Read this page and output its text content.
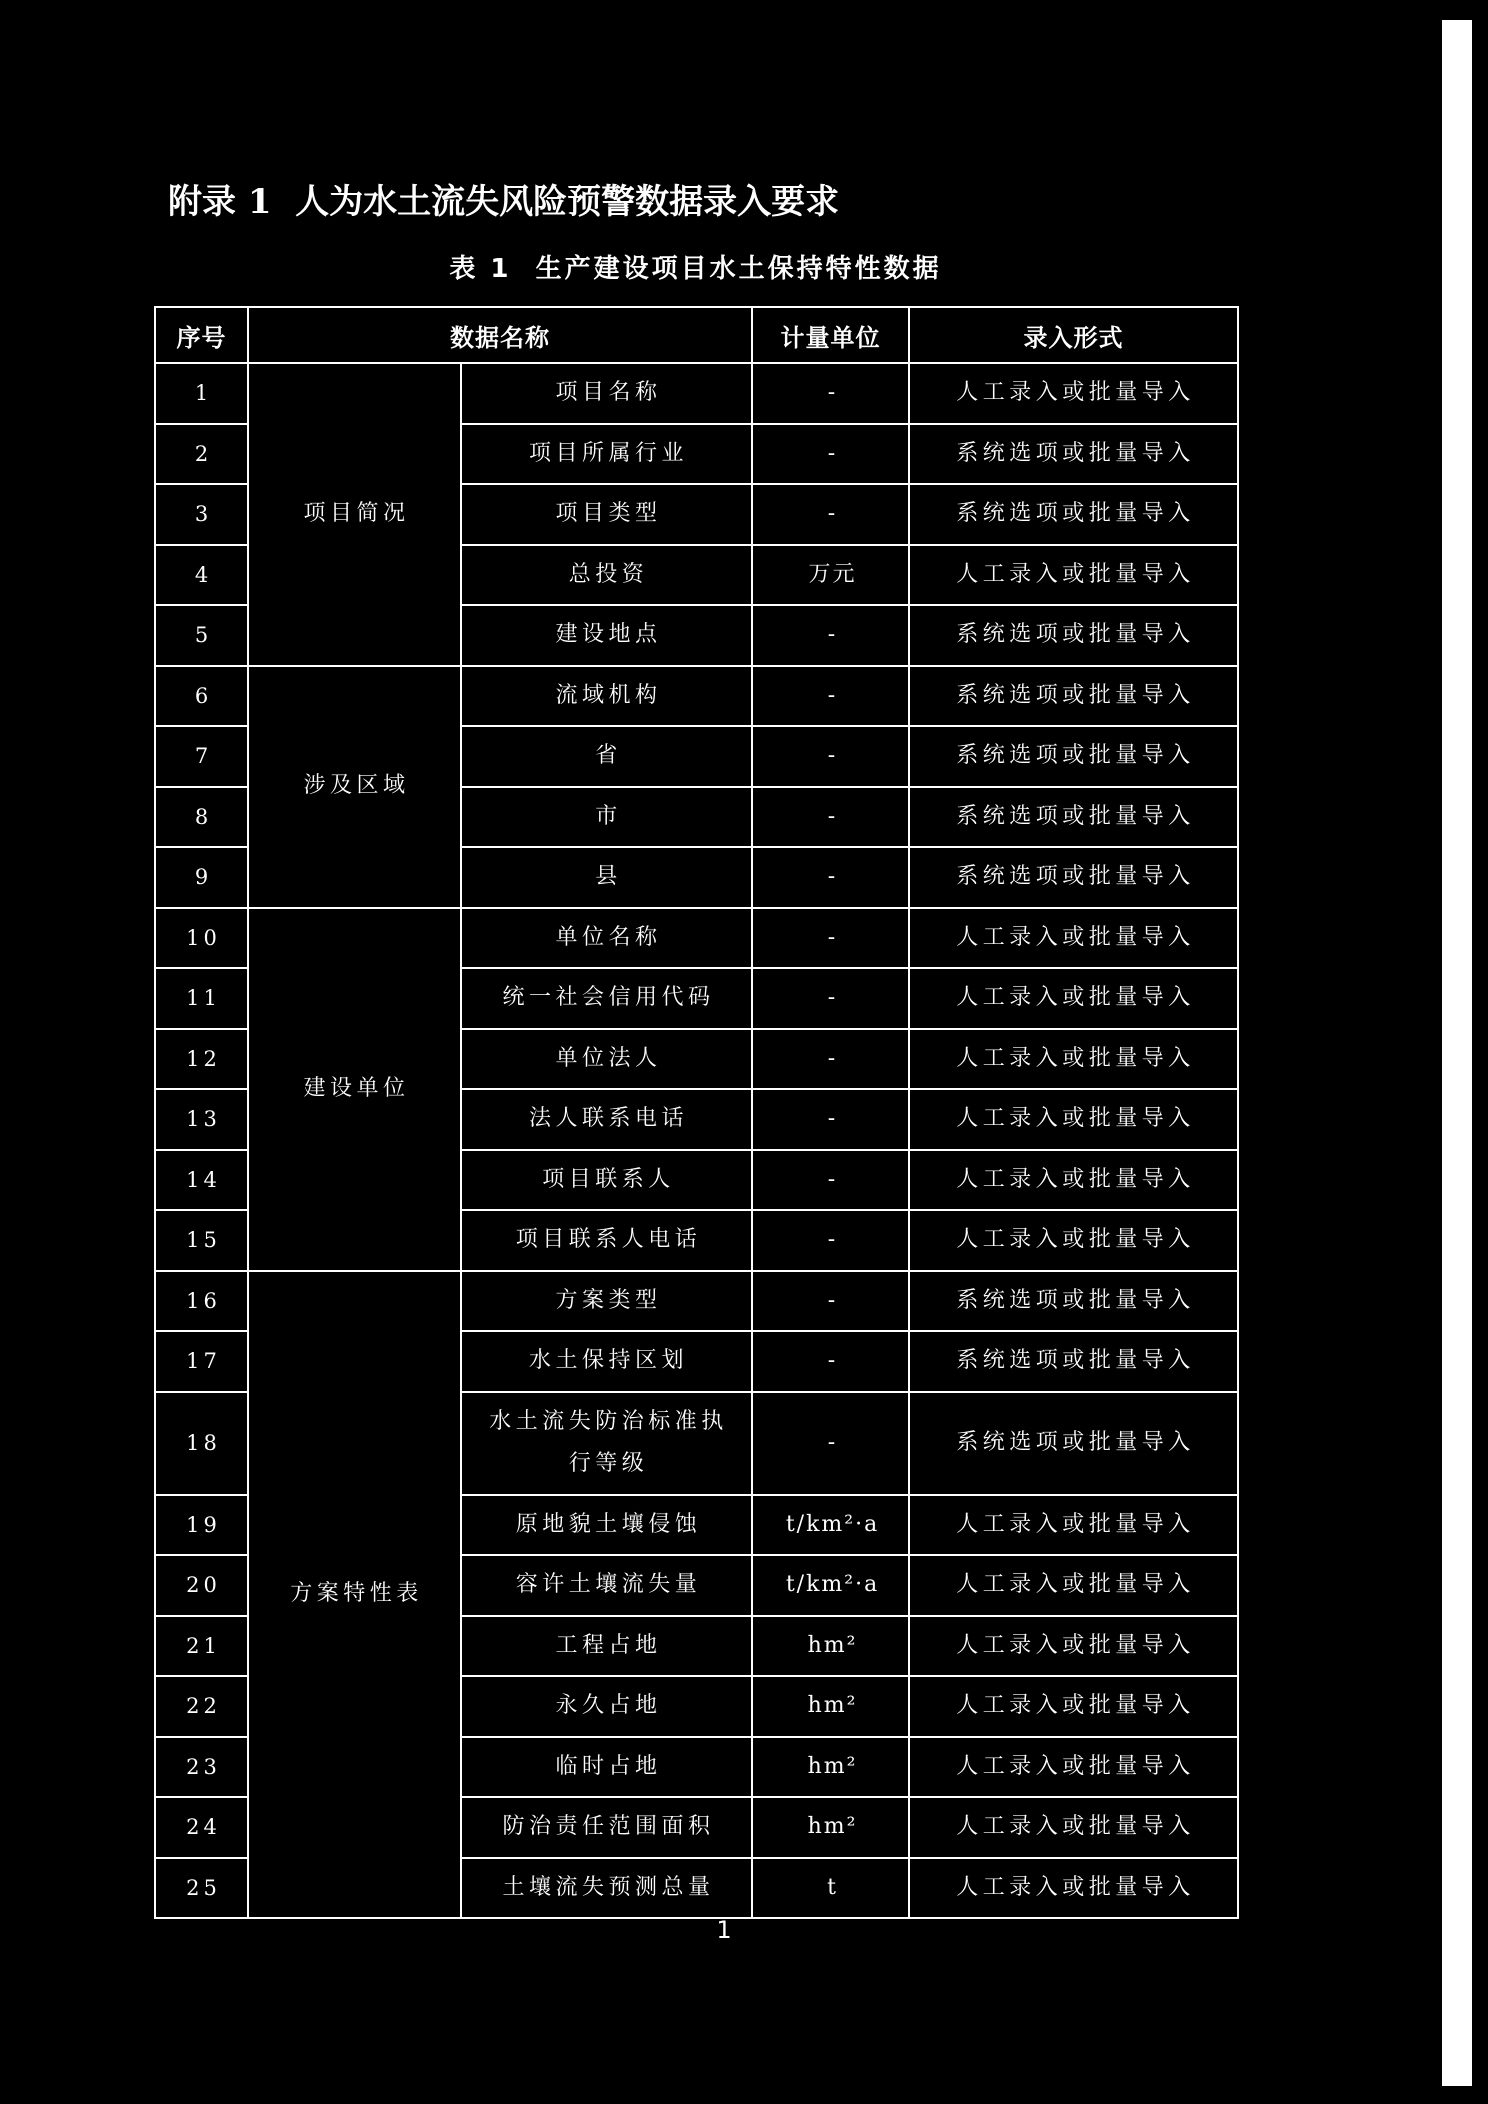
附录 1  人为水土流失风险预警数据录入要求
表 1  生产建设项目水土保持特性数据
序号	数据名称		计量单位	录入形式
1	项目简况	项目名称	-	人工录入或批量导入
2		项目所属行业	-	系统选项或批量导入
3		项目类型	-	系统选项或批量导入
4		总投资	万元	人工录入或批量导入
5		建设地点	-	系统选项或批量导入
6	涉及区域	流域机构	-	系统选项或批量导入
7		省	-	系统选项或批量导入
8		市	-	系统选项或批量导入
9		县	-	系统选项或批量导入
10	建设单位	单位名称	-	人工录入或批量导入
11		统一社会信用代码	-	人工录入或批量导入
12		单位法人	-	人工录入或批量导入
13		法人联系电话	-	人工录入或批量导入
14		项目联系人	-	人工录入或批量导入
15		项目联系人电话	-	人工录入或批量导入
16	方案特性表	方案类型	-	系统选项或批量导入
17		水土保持区划	-	系统选项或批量导入
18		水土流失防治标准执行等级	-	系统选项或批量导入
19		原地貌土壤侵蚀	t/km²·a	人工录入或批量导入
20		容许土壤流失量	t/km²·a	人工录入或批量导入
21		工程占地	hm²	人工录入或批量导入
22		永久占地	hm²	人工录入或批量导入
23		临时占地	hm²	人工录入或批量导入
24		防治责任范围面积	hm²	人工录入或批量导入
25		土壤流失预测总量	t	人工录入或批量导入
1
